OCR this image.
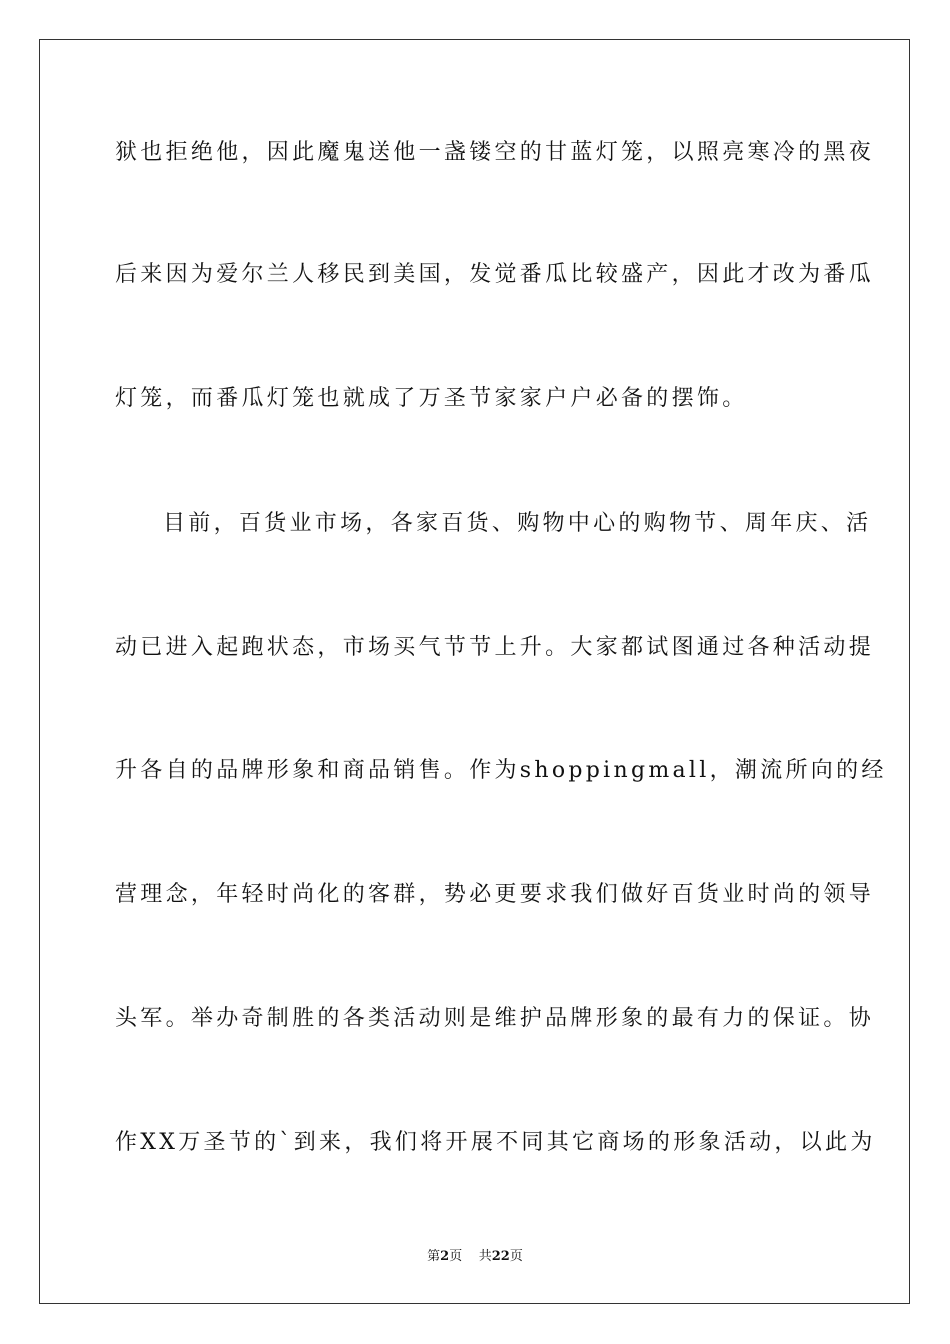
狱也拒绝他，因此魔鬼送他一盏镂空的甘蓝灯笼，以照亮寒冷的黑夜
后来因为爱尔兰人移民到美国，发觉番瓜比较盛产，因此才改为番瓜
灯笼，而番瓜灯笼也就成了万圣节家家户户必备的摆饰。
目前，百货业市场，各家百货、购物中心的购物节、周年庆、活
动已进入起跑状态，市场买气节节上升。大家都试图通过各种活动提
升各自的品牌形象和商品销售。作为shoppingmall，潮流所向的经
营理念，年轻时尚化的客群，势必更要求我们做好百货业时尚的领导
头军。举办奇制胜的各类活动则是维护品牌形象的最有力的保证。协
作XX万圣节的`到来，我们将开展不同其它商场的形象活动，以此为
第2页 共22页
